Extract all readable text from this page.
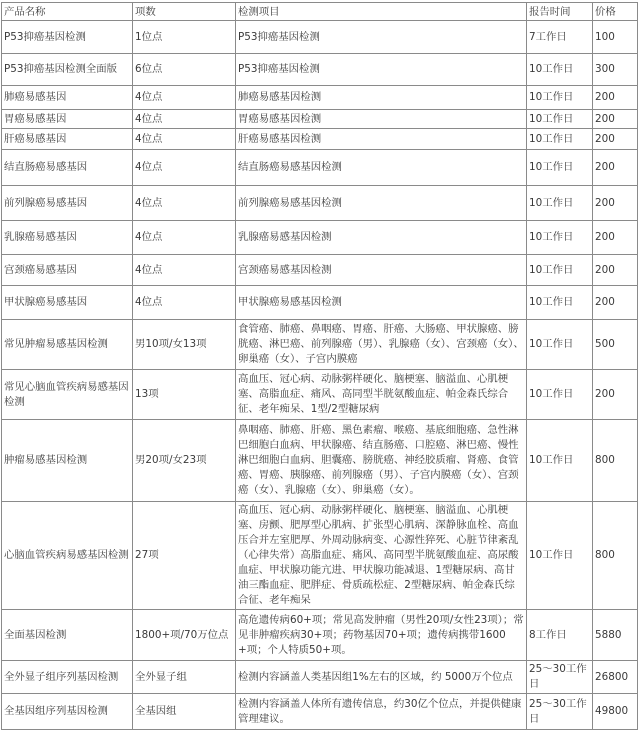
产品名称	项数	检测项目	报告时间	价格
P53抑癌基因检测	1位点	P53抑癌基因检测	7工作日	100
P53抑癌基因检测全面版	6位点	P53抑癌基因检测	10工作日	300
肺癌易感基因	4位点	肺癌易感基因检测	10工作日	200
胃癌易感基因	4位点	胃癌易感基因检测	10工作日	200
肝癌易感基因	4位点	肝癌易感基因检测	10工作日	200
结直肠癌易感基因	4位点	结直肠癌易感基因检测	10工作日	200
前列腺癌易感基因	4位点	前列腺癌易感基因检测	10工作日	200
乳腺癌易感基因	4位点	乳腺癌易感基因检测	10工作日	200
宫颈癌易感基因	4位点	宫颈癌易感基因检测	10工作日	200
甲状腺癌易感基因	4位点	甲状腺癌易感基因检测	10工作日	200
常见肿瘤易感基因检测	男10项/女13项	食管癌、肺癌、鼻咽癌、胃癌、肝癌、大肠癌、甲状腺癌、膀胱癌、淋巴癌、前列腺癌（男）、乳腺癌（女）、宫颈癌（女）、卵巢癌（女）、子宫内膜癌	10工作日	500
常见心脑血管疾病易感基因检测	13项	高血压、冠心病、动脉粥样硬化、脑梗塞、脑溢血、心肌梗塞、高脂血症、痛风、高同型半胱氨酸血症、帕金森氏综合征、老年痴呆、1型/2型糖尿病	10工作日	200
肿瘤易感基因检测	男20项/女23项	鼻咽癌、肺癌、肝癌、黑色素瘤、喉癌、基底细胞癌、急性淋巴细胞白血病、甲状腺癌、结直肠癌、口腔癌、淋巴癌、慢性淋巴细胞白血病、胆囊癌、膀胱癌、神经胶质瘤、肾癌、食管癌、胃癌、胰腺癌、前列腺癌（男）、子宫内膜癌（女）、宫颈癌（女）、乳腺癌（女）、卵巢癌（女）。	10工作日	800
心脑血管疾病易感基因检测	27项	高血压、冠心病、动脉粥样硬化、脑梗塞、脑溢血、心肌梗塞、房颤、肥厚型心肌病、扩张型心肌病、深静脉血栓、高血压合并左室肥厚、外周动脉病变、心源性猝死、心脏节律紊乱（心律失常）高脂血症、痛风、高同型半胱氨酸血症、高尿酸血症、甲状腺功能亢进、甲状腺功能减退、1型糖尿病、高甘油三酯血症、肥胖症、骨质疏松症、2型糖尿病、帕金森氏综合征、老年痴呆	10工作日	800
全面基因检测	1800+项/70万位点	高危遗传病60+项；常见高发肿瘤（男性20项/女性23项）；常见非肿瘤疾病30+项；药物基因70+项；遗传病携带1600+项；个人特质50+项。	8工作日	5880
全外显子组序列基因检测	全外显子组	检测内容涵盖人类基因组1%左右的区域，约 5000万个位点	25～30工作日	26800
全基因组序列基因检测	全基因组	检测内容涵盖人体所有遗传信息，约30亿个位点，并提供健康管理建议。	25～30工作日	49800
